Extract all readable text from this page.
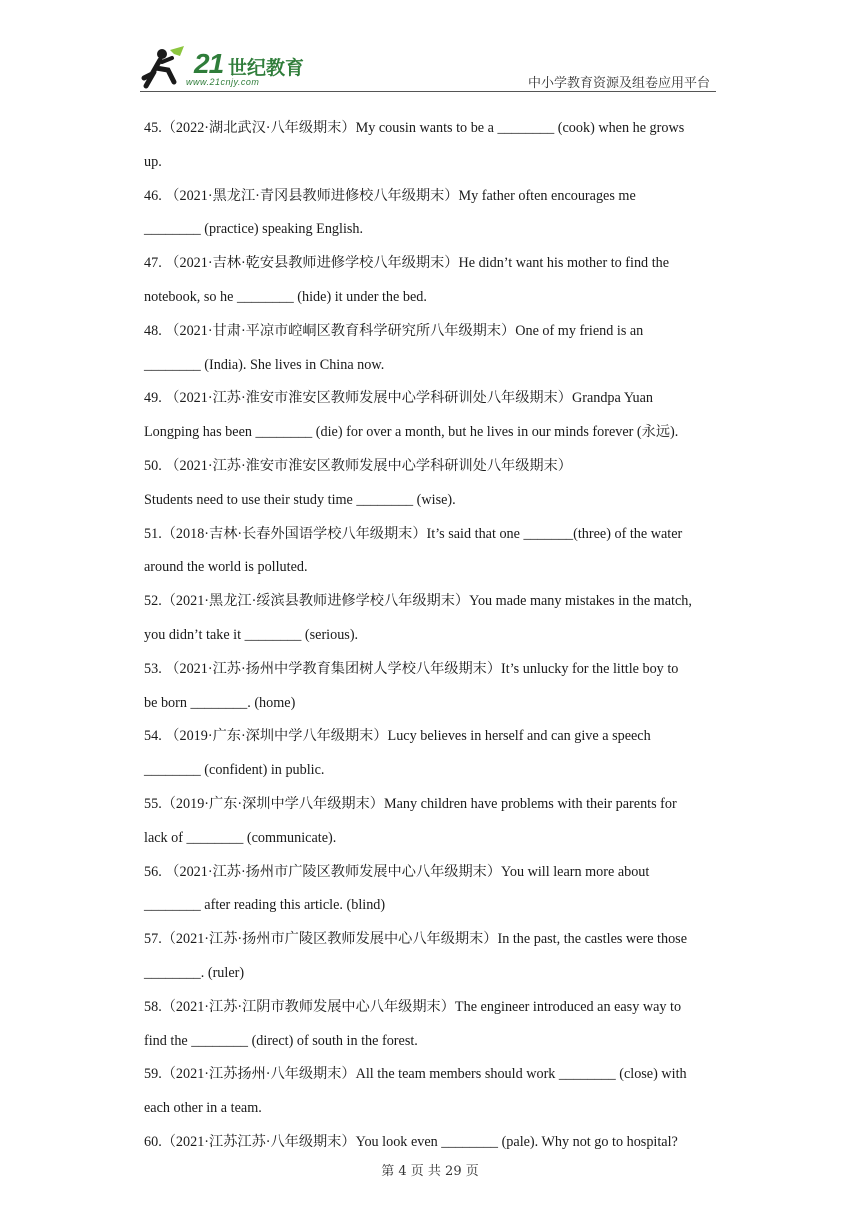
21 世纪教育
www.21cnjy.com	中小学教育资源及组卷应用平台
45.（2022·湖北武汉·八年级期末）My cousin wants to be a ________ (cook) when he grows
up.
46. （2021·黑龙江·青冈县教师进修校八年级期末）My father often encourages me
________ (practice) speaking English.
47. （2021·吉林·乾安县教师进修学校八年级期末）He didn’t want his mother to find the
notebook, so he ________ (hide) it under the bed.
48. （2021·甘肃·平凉市崆峒区教育科学研究所八年级期末）One of my friend is an
________ (India). She lives in China now.
49. （2021·江苏·淮安市淮安区教师发展中心学科研训处八年级期末）Grandpa Yuan
Longping has been ________ (die) for over a month, but he lives in our minds forever (永远).
50. （2021·江苏·淮安市淮安区教师发展中心学科研训处八年级期末）
Students need to use their study time ________ (wise).
51.（2018·吉林·长春外国语学校八年级期末）It’s said that one _______(three) of the water
around the world is polluted.
52.（2021·黑龙江·绥滨县教师进修学校八年级期末）You made many mistakes in the match,
you didn’t take it ________ (serious).
53. （2021·江苏·扬州中学教育集团树人学校八年级期末）It’s unlucky for the little boy to
be born ________. (home)
54. （2019·广东·深圳中学八年级期末）Lucy believes in herself and can give a speech
________ (confident) in public.
55.（2019·广东·深圳中学八年级期末）Many children have problems with their parents for
lack of ________ (communicate).
56. （2021·江苏·扬州市广陵区教师发展中心八年级期末）You will learn more about
________ after reading this article. (blind)
57.（2021·江苏·扬州市广陵区教师发展中心八年级期末）In the past, the castles were those
________. (ruler)
58.（2021·江苏·江阴市教师发展中心八年级期末）The engineer introduced an easy way to
find the ________ (direct) of south in the forest.
59.（2021·江苏扬州·八年级期末）All the team members should work ________ (close) with
each other in a team.
60.（2021·江苏江苏·八年级期末）You look even ________ (pale). Why not go to hospital?
第 4 页 共 29 页
